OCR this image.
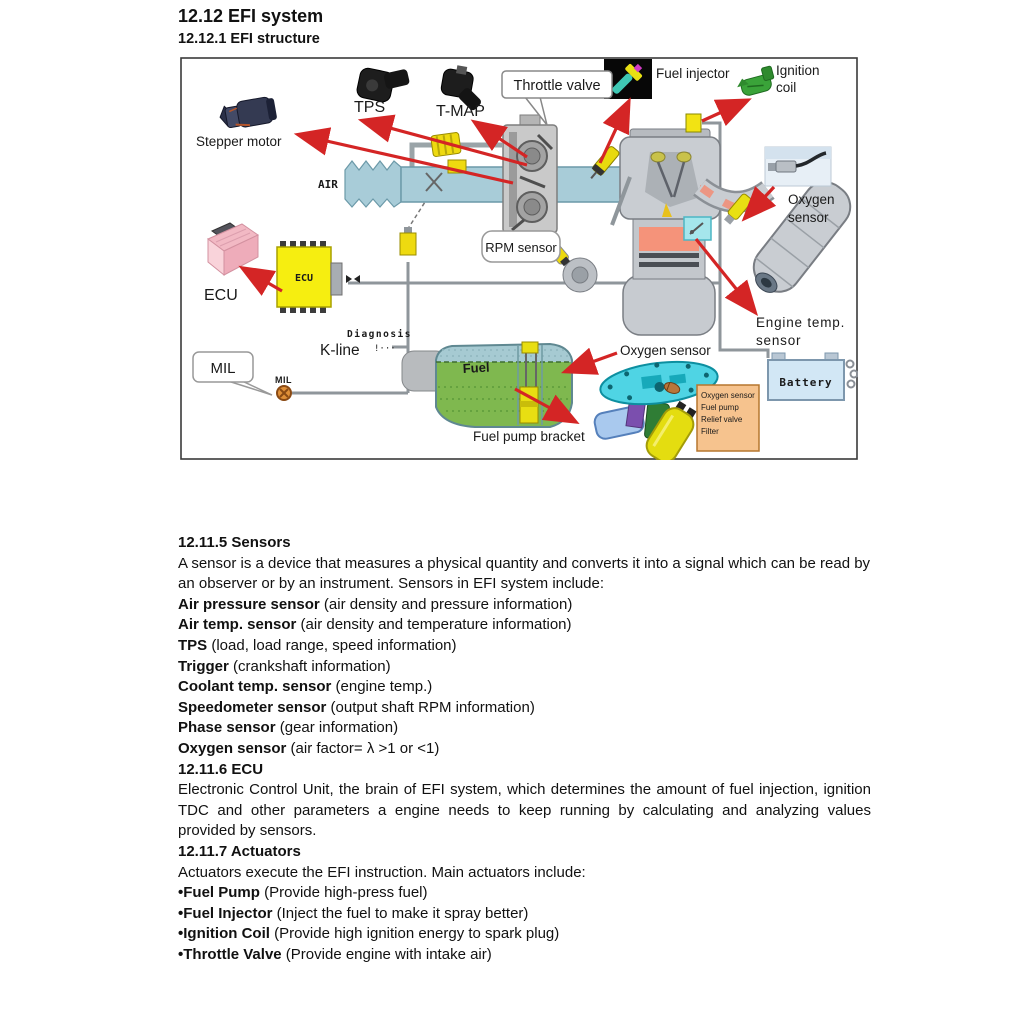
12.12 EFI system
12.12.1 EFI structure
ECU
Throttle valve
RPM sensor
MIL
Oxygen sensor
Fuel pump
Relief valve
Filter
Stepper motor
TPS	T-MAP
Fuel injector	Ignition
coil
Oxygen
sensor
AIR
ECU
Diagnosis
K-line !···
MIL
Engine temp.
sensor
Oxygen sensor
Fuel
Fuel pump bracket
Battery
12.11.5 Sensors

A sensor is a device that measures a physical quantity and converts it into a signal which can be read by an observer or by an instrument. Sensors in EFI system include:

Air pressure sensor (air density and pressure information)
Air temp. sensor (air density and temperature information)
TPS (load, load range, speed information)
Trigger (crankshaft information)
Coolant temp. sensor (engine temp.)
Speedometer sensor (output shaft RPM information)
Phase sensor (gear information)
Oxygen sensor (air factor= λ >1 or <1)
12.11.6 ECU

Electronic Control Unit, the brain of EFI system, which determines the amount of fuel injection, ignition TDC and other parameters a engine needs to keep running by calculating and analyzing values provided by sensors.

12.11.7 Actuators

Actuators execute the EFI instruction. Main actuators include:

•Fuel Pump (Provide high-press fuel)
•Fuel Injector (Inject the fuel to make it spray better)
•Ignition Coil (Provide high ignition energy to spark plug)
•Throttle Valve (Provide engine with intake air)
